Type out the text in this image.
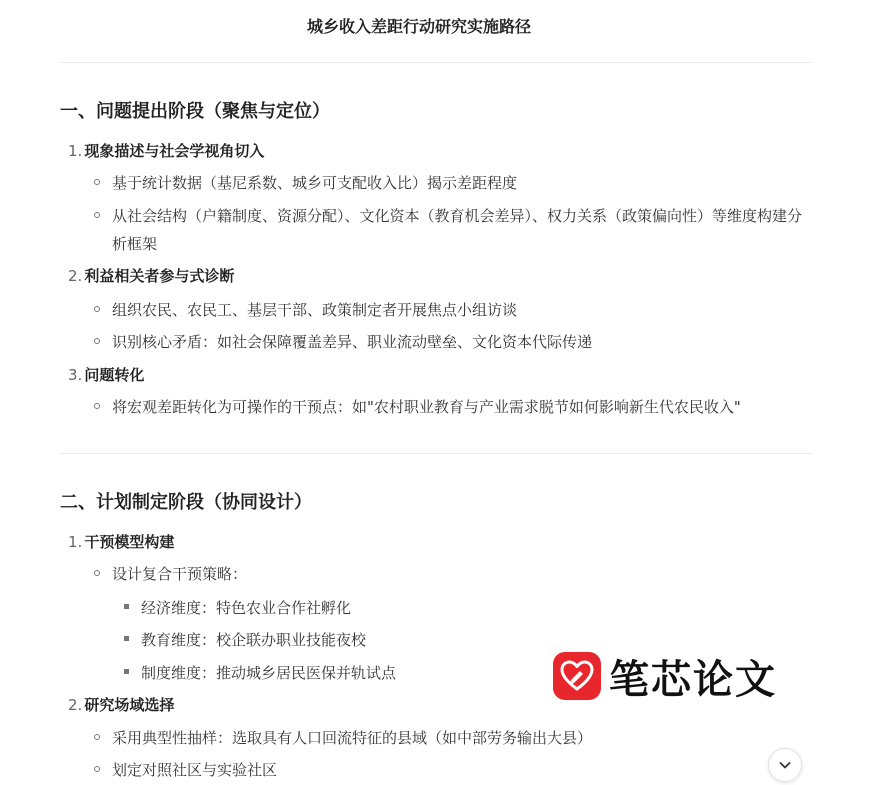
城乡收入差距行动研究实施路径
一、问题提出阶段（聚焦与定位）
1. 现象描述与社会学视角切入
基于统计数据（基尼系数、城乡可支配收入比）揭示差距程度
从社会结构（户籍制度、资源分配）、文化资本（教育机会差异）、权力关系（政策偏向性）等维度构建分析框架
2. 利益相关者参与式诊断
组织农民、农民工、基层干部、政策制定者开展焦点小组访谈
识别核心矛盾：如社会保障覆盖差异、职业流动壁垒、文化资本代际传递
3. 问题转化
将宏观差距转化为可操作的干预点：如"农村职业教育与产业需求脱节如何影响新生代农民收入"
二、计划制定阶段（协同设计）
1. 干预模型构建
设计复合干预策略：
经济维度：特色农业合作社孵化
教育维度：校企联办职业技能夜校
制度维度：推动城乡居民医保并轨试点
2. 研究场域选择
采用典型性抽样：选取具有人口回流特征的县域（如中部劳务输出大县）
划定对照社区与实验社区
笔芯论文
